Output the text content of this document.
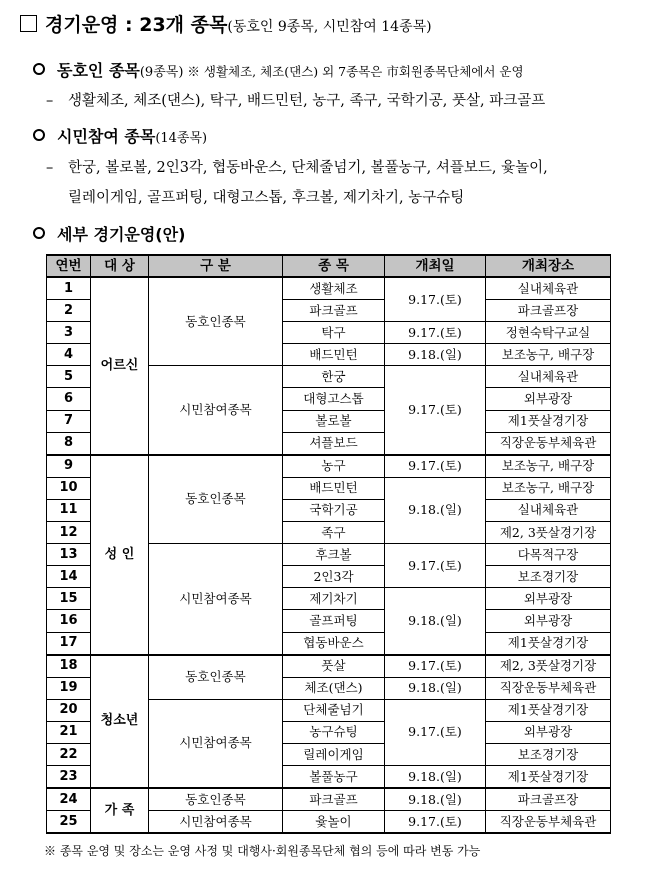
경기운영 : 23개 종목(동호인 9종목, 시민참여 14종목)
동호인 종목(9종목) ※ 생활체조, 체조(댄스) 외 7종목은 市회원종목단체에서 운영
– 생활체조, 체조(댄스), 탁구, 배드민턴, 농구, 족구, 국학기공, 풋살, 파크골프
시민참여 종목(14종목)
– 한궁, 볼로볼, 2인3각, 협동바운스, 단체줄넘기, 볼풀농구, 셔플보드, 윷놀이,
릴레이게임, 골프퍼팅, 대형고스톱, 후크볼, 제기차기, 농구슈팅
세부 경기운영(안)
연번	대 상	구 분	종 목	개최일	개최장소
1	어르신	동호인종목	생활체조	9.17.(토)	실내체육관
2			파크골프		파크골프장
3			탁구	9.17.(토)	정현숙탁구교실
4			배드민턴	9.18.(일)	보조농구, 배구장
5		시민참여종목	한궁	9.17.(토)	실내체육관
6			대형고스톱		외부광장
7			볼로볼		제1풋살경기장
8			셔플보드		직장운동부체육관
9	성 인	동호인종목	농구	9.17.(토)	보조농구, 배구장
10			배드민턴	9.18.(일)	보조농구, 배구장
11			국학기공		실내체육관
12			족구		제2, 3풋살경기장
13		시민참여종목	후크볼	9.17.(토)	다목적구장
14			2인3각		보조경기장
15			제기차기	9.18.(일)	외부광장
16			골프퍼팅		외부광장
17			협동바운스		제1풋살경기장
18	청소년	동호인종목	풋살	9.17.(토)	제2, 3풋살경기장
19			체조(댄스)	9.18.(일)	직장운동부체육관
20		시민참여종목	단체줄넘기	9.17.(토)	제1풋살경기장
21			농구슈팅		외부광장
22			릴레이게임		보조경기장
23			볼풀농구	9.18.(일)	제1풋살경기장
24	가 족	동호인종목	파크골프	9.18.(일)	파크골프장
25		시민참여종목	윷놀이	9.17.(토)	직장운동부체육관
※ 종목 운영 및 장소는 운영 사정 및 대행사·회원종목단체 협의 등에 따라 변동 가능
